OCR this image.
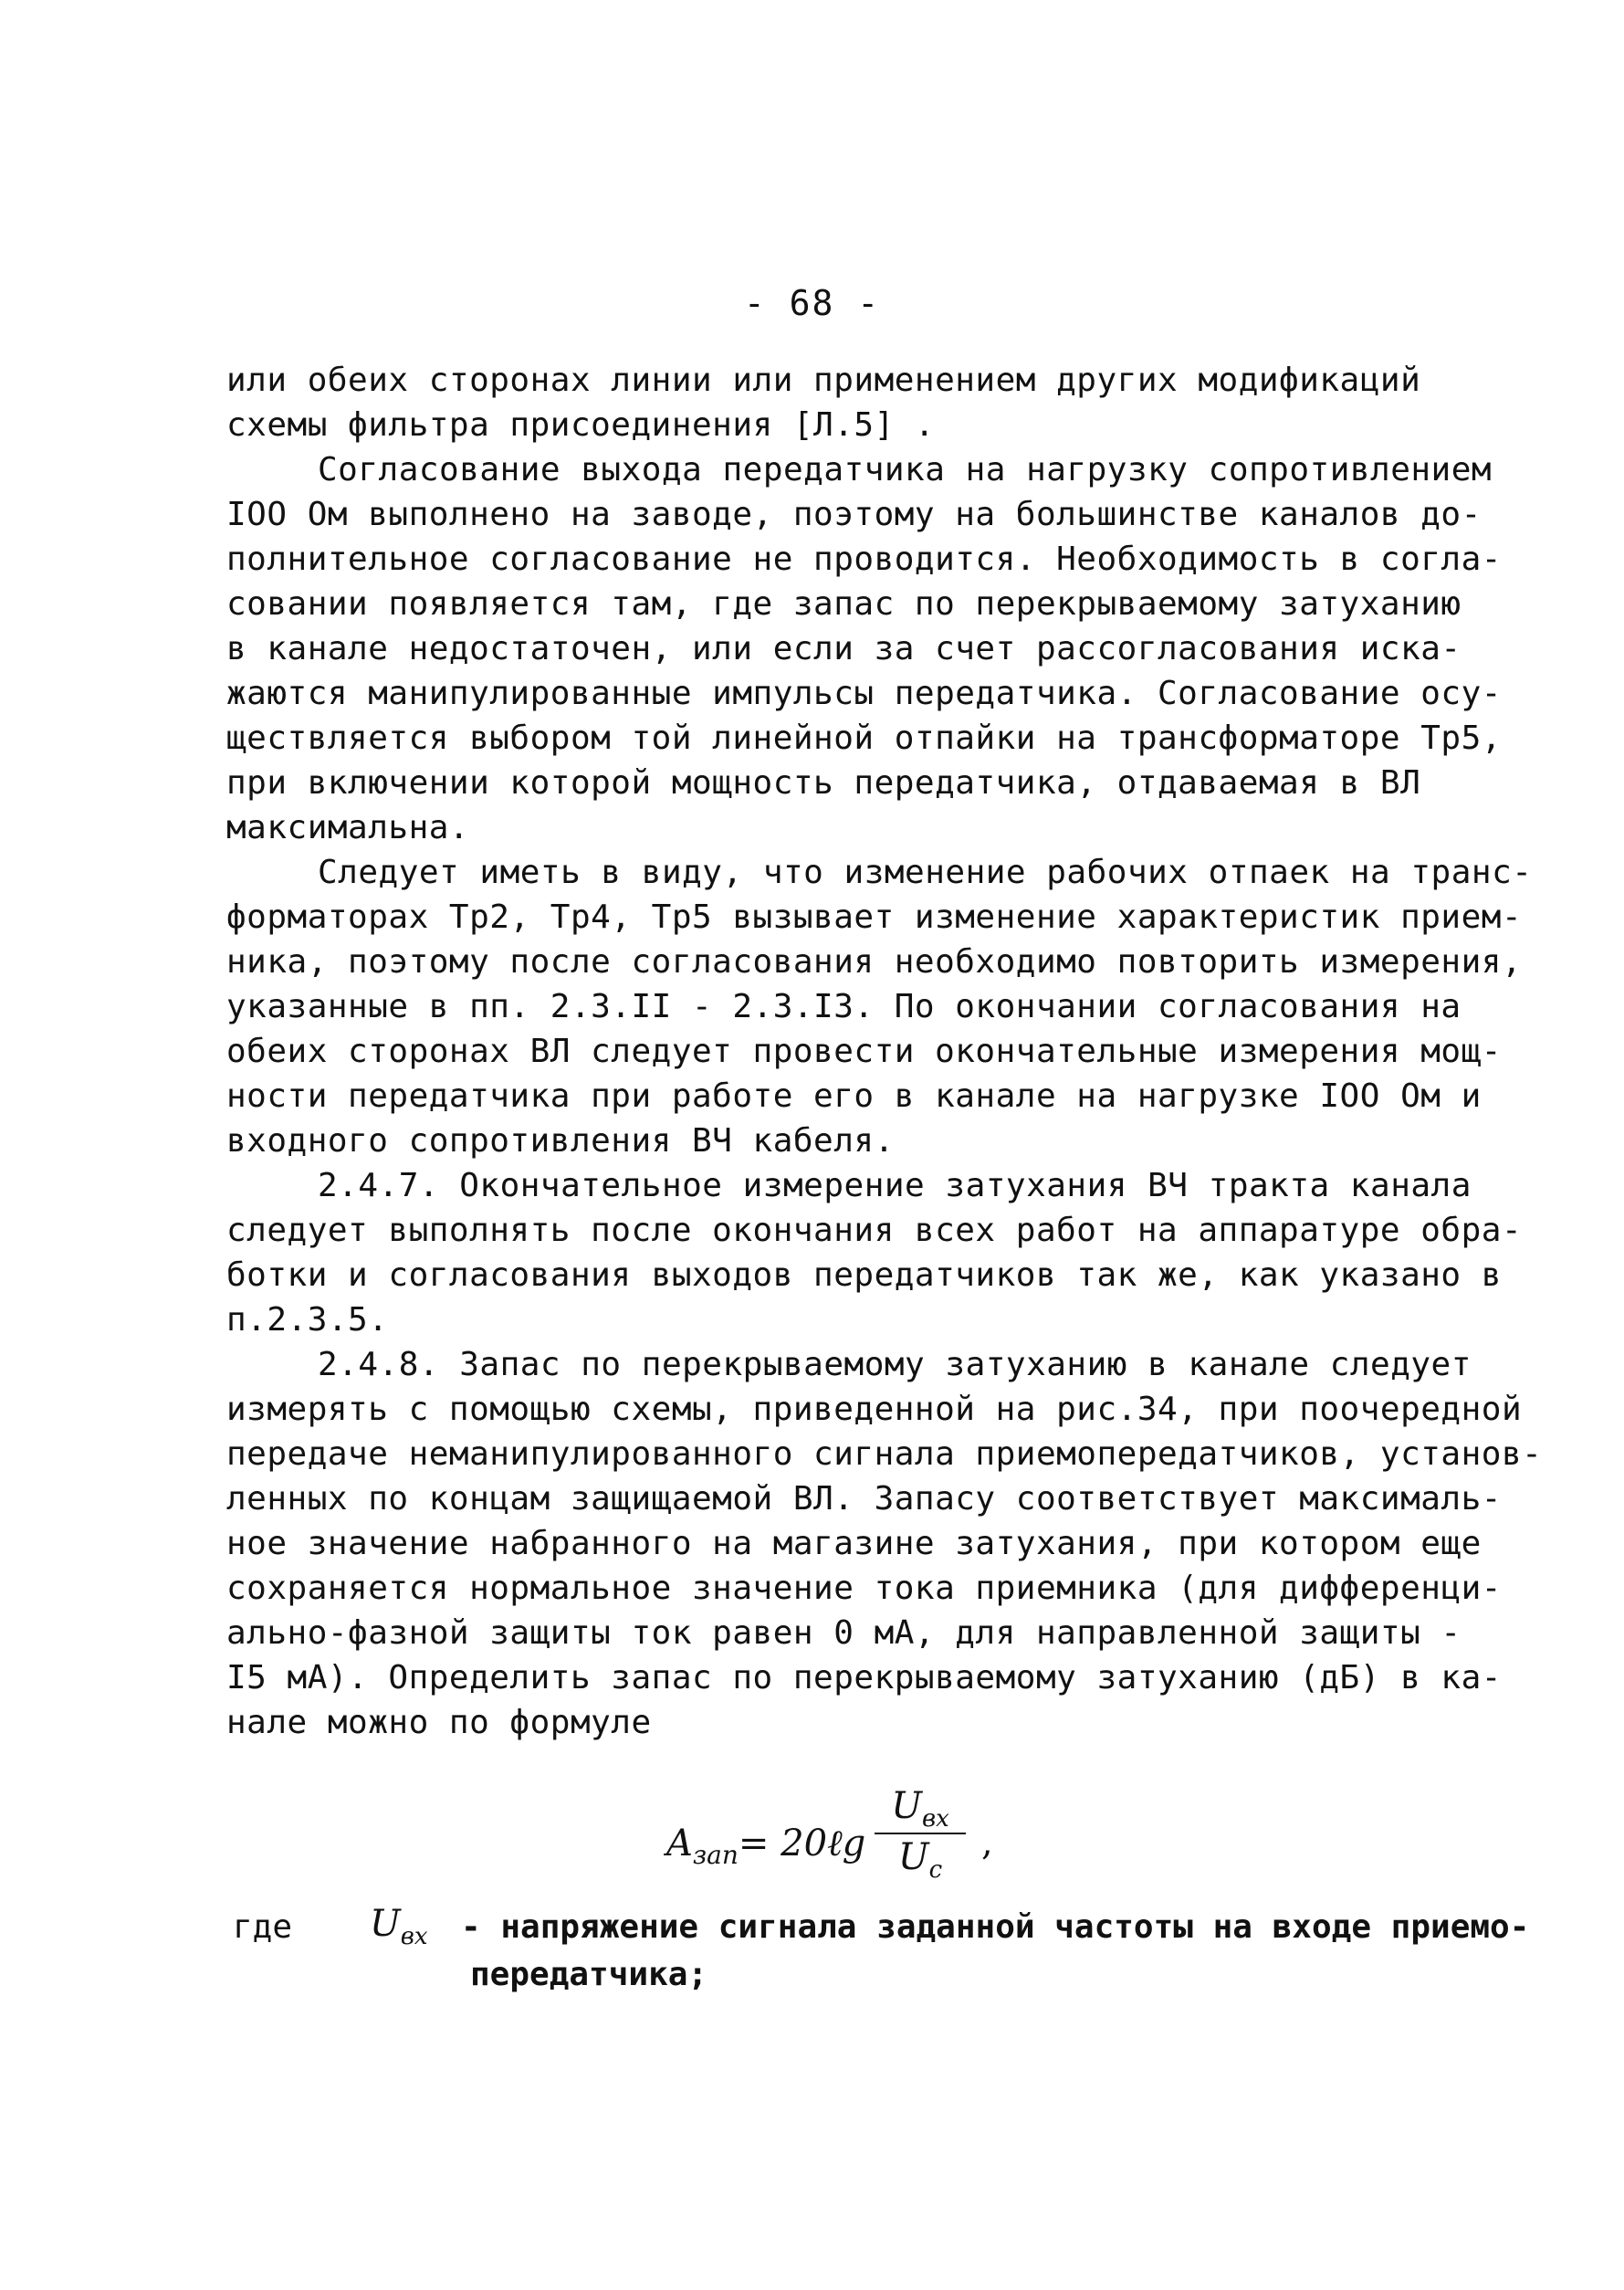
- 68 -
или обеих сторонах линии или применением других модификаций
схемы фильтра присоединения [Л.5] .
Согласование выхода передатчика на нагрузку сопротивлением
IOO Ом выполнено на заводе, поэтому на большинстве каналов до-
полнительное согласование не проводится. Необходимость в согла-
совании появляется там, где запас по перекрываемому затуханию
в канале недостаточен, или если за счет рассогласования иска-
жаются манипулированные импульсы передатчика. Согласование осу-
ществляется выбором той линейной отпайки на трансформаторе Тр5,
при включении которой мощность передатчика, отдаваемая в ВЛ
максимальна.
Следует иметь в виду, что изменение рабочих отпаек на транс-
форматорах Тр2, Тр4, Тр5 вызывает изменение характеристик прием-
ника, поэтому после согласования необходимо повторить измерения,
указанные в пп. 2.3.II - 2.3.I3. По окончании согласования на
обеих сторонах ВЛ следует провести окончательные измерения мощ-
ности передатчика при работе его в канале на нагрузке IOO Ом и
входного сопротивления ВЧ кабеля.
2.4.7. Окончательное измерение затухания ВЧ тракта канала
следует выполнять после окончания всех работ на аппаратуре обра-
ботки и согласования выходов передатчиков так же, как указано в
п.2.3.5.
2.4.8. Запас по перекрываемому затуханию в канале следует
измерять с помощью схемы, приведенной на рис.34, при поочередной
передаче неманипулированного сигнала приемопередатчиков, установ-
ленных по концам защищаемой ВЛ. Запасу соответствует максималь-
ное значение набранного на магазине затухания, при котором еще
сохраняется нормальное значение тока приемника (для дифференци-
ально-фазной защиты ток равен 0 мА, для направленной защиты -
I5 мА). Определить запас по перекрываемому затуханию (дБ) в ка-
нале можно по формуле
$A_{зап}=$ 20ℓg
$U_{вх}$
$U_c$
,
где $U_{вх}$ - напряжение сигнала заданной частоты на входе приемо-
передатчика;
